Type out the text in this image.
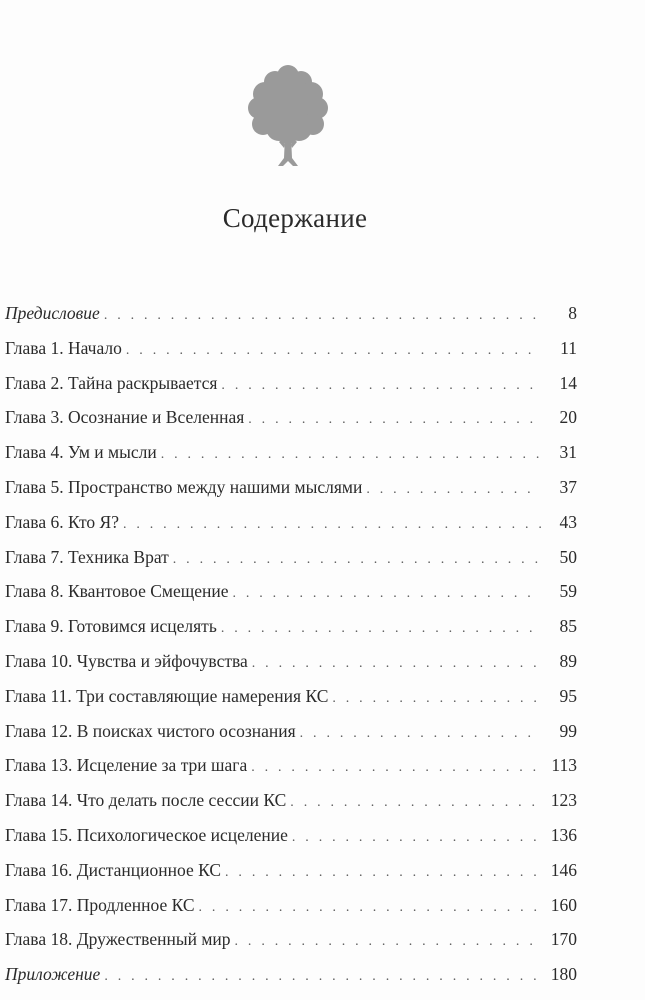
Содержание
Предисловие . . .	8
Глава 1. Начало . . .	11
Глава 2. Тайна раскрывается . . .	14
Глава 3. Осознание и Вселенная . . .	20
Глава 4. Ум и мысли . . .	31
Глава 5. Пространство между нашими мыслями . . .	37
Глава 6. Кто Я? . . .	43
Глава 7. Техника Врат . . .	50
Глава 8. Квантовое Смещение . . .	59
Глава 9. Готовимся исцелять . . .	85
Глава 10. Чувства и эйфочувства . . .	89
Глава 11. Три составляющие намерения КС . . .	95
Глава 12. В поисках чистого осознания . . .	99
Глава 13. Исцеление за три шага . . .	113
Глава 14. Что делать после сессии КС . . .	123
Глава 15. Психологическое исцеление . . .	136
Глава 16. Дистанционное КС . . .	146
Глава 17. Продленное КС . . .	160
Глава 18. Дружественный мир . . .	170
Приложение . . .	180
